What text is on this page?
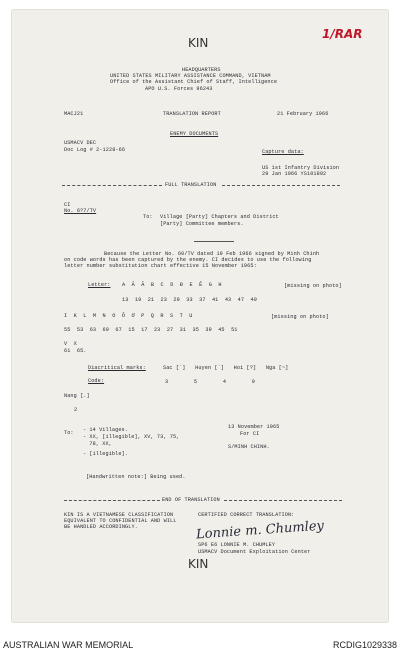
KIN
1/RAR
HEADQUARTERS
UNITED STATES MILITARY ASSISTANCE COMMAND, VIETNAM
Office of the Assistant Chief of Staff, Intelligence
APO U.S. Forces 96243
MACJ21	TRANSLATION REPORT	21 February 1966
ENEMY DOCUMENTS
USMACV DEC
Doc Log # 2-1228-66	Capture data:
US 1st Infantry Division
29 Jan 1966 YS101892
FULL TRANSLATION
CI
No. 6?7/TV
To: Village [Party] Chapters and District
[Party] Committee members.
Because the Letter No. 60/TV dated 19 Feb 1966 signed by Minh Chinh
on code words has been captured by the enemy. CI decides to use the following
letter number substitution chart effective 15 November 1965:
Letter: A  Ă  Â  B  C  D  Đ  E  Ê  G  H	[missing on photo]
13  19  21  23  29  33  37  41  43  47  49
I  K  L  M  N  O  Ô  Ơ  P  Q  R  S  T  U	[missing on photo]
55  53  63  69  67  15  17  23  27  31  35  39  45  51
V  X
61  65.
Diacritical marks:	Sac [´]   Huyen [`]   Hoi [?]   Nga [~]
Code:	3        5        4        9
Nang [.]
2
To: - 14 Villages.
- XX, [illegible], XV, 73, 75,
78, XX,
- [illegible].
13 November 1965
For CI
S/MINH CHINH.
[Handwritten note:] Being used.
END OF TRANSLATION
KIN IS A VIETNAMESE CLASSIFICATION
EQUIVALENT TO CONFIDENTIAL AND WILL
BE HANDLED ACCORDINGLY.
CERTIFIED CORRECT TRANSLATION:
Lonnie m. Chumley
SP6 E6 LONNIE M. CHUMLEY
USMACV Document Exploitation Center
KIN
AUSTRALIAN WAR MEMORIAL	RCDIG1029338
